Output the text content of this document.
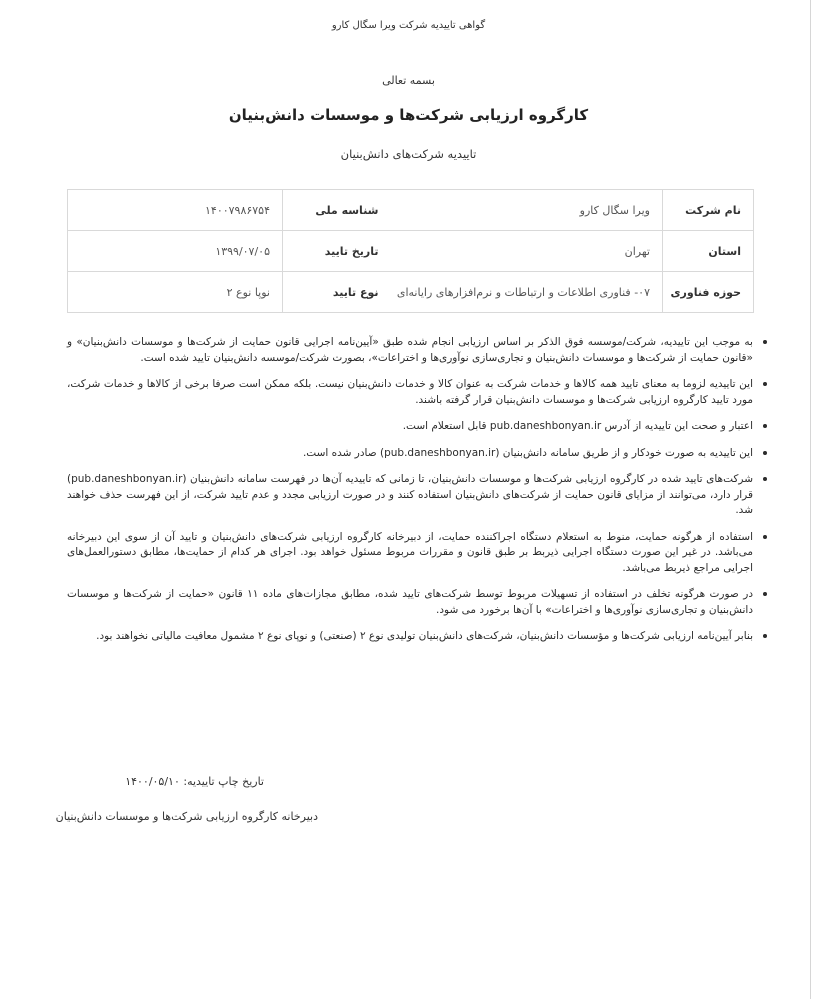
گواهی تاییدیه شرکت ویرا سگال کارو
بسمه تعالی
کارگروه ارزیابی شرکت‌ها و موسسات دانش‌بنیان
تاییدیه شرکت‌های دانش‌بنیان
نام شرکت	ویرا سگال کارو	شناسه ملی	۱۴۰۰۷۹۸۶۷۵۴
استان	تهران	تاریخ تایید	۱۳۹۹/۰۷/۰۵
حوزه فناوری	۰۷- فناوری اطلاعات و ارتباطات و نرم‌افزارهای رایانه‌ای	نوع تایید	نوپا نوع ۲
• به موجب این تاییدیه، شرکت/موسسه فوق الذکر بر اساس ارزیابی انجام شده طبق «آیین‌نامه اجرایی قانون حمایت از شرکت‌ها و موسسات دانش‌بنیان» و «قانون حمایت از شرکت‌ها و موسسات دانش‌بنیان و تجاری‌سازی نوآوری‌ها و اختراعات»، بصورت شرکت/موسسه دانش‌بنیان تایید شده است.
• این تاییدیه لزوما به معنای تایید همه کالاها و خدمات شرکت به عنوان کالا و خدمات دانش‌بنیان نیست. بلکه ممکن است صرفا برخی از کالاها و خدمات شرکت، مورد تایید کارگروه ارزیابی شرکت‌ها و موسسات دانش‌بنیان قرار گرفته باشند.
• اعتبار و صحت این تاییدیه از آدرس pub.daneshbonyan.ir قابل استعلام است.
• این تاییدیه به صورت خودکار و از طریق سامانه دانش‌بنیان (pub.daneshbonyan.ir) صادر شده است.
• شرکت‌های تایید شده در کارگروه ارزیابی شرکت‌ها و موسسات دانش‌بنیان، تا زمانی که تاییدیه آن‌ها در فهرست سامانه دانش‌بنیان (pub.daneshbonyan.ir) قرار دارد، می‌توانند از مزایای قانون حمایت از شرکت‌های دانش‌بنیان استفاده کنند و در صورت ارزیابی مجدد و عدم تایید شرکت، از این فهرست حذف خواهند شد.
• استفاده از هرگونه حمایت، منوط به استعلام دستگاه اجراکننده حمایت، از دبیرخانه کارگروه ارزیابی شرکت‌های دانش‌بنیان و تایید آن از سوی این دبیرخانه می‌باشد. در غیر این صورت دستگاه اجرایی ذیربط بر طبق قانون و مقررات مربوط مسئول خواهد بود. اجرای هر کدام از حمایت‌ها، مطابق دستورالعمل‌های اجرایی مراجع ذیربط می‌باشد.
• در صورت هرگونه تخلف در استفاده از تسهیلات مربوط توسط شرکت‌های تایید شده، مطابق مجازات‌های ماده ۱۱ قانون «حمایت از شرکت‌ها و موسسات دانش‌بنیان و تجاری‌سازی نوآوری‌ها و اختراعات» با آن‌ها برخورد می شود.
• بنابر آیین‌نامه ارزیابی شرکت‌ها و مؤسسات دانش‌بنیان، شرکت‌های دانش‌بنیان تولیدی نوع ۲ (صنعتی) و نوپای نوع ۲ مشمول معافیت مالیاتی نخواهند بود.
تاریخ چاپ تاییدیه: ۱۴۰۰/۰۵/۱۰
دبیرخانه کارگروه ارزیابی شرکت‌ها و موسسات دانش‌بنیان
